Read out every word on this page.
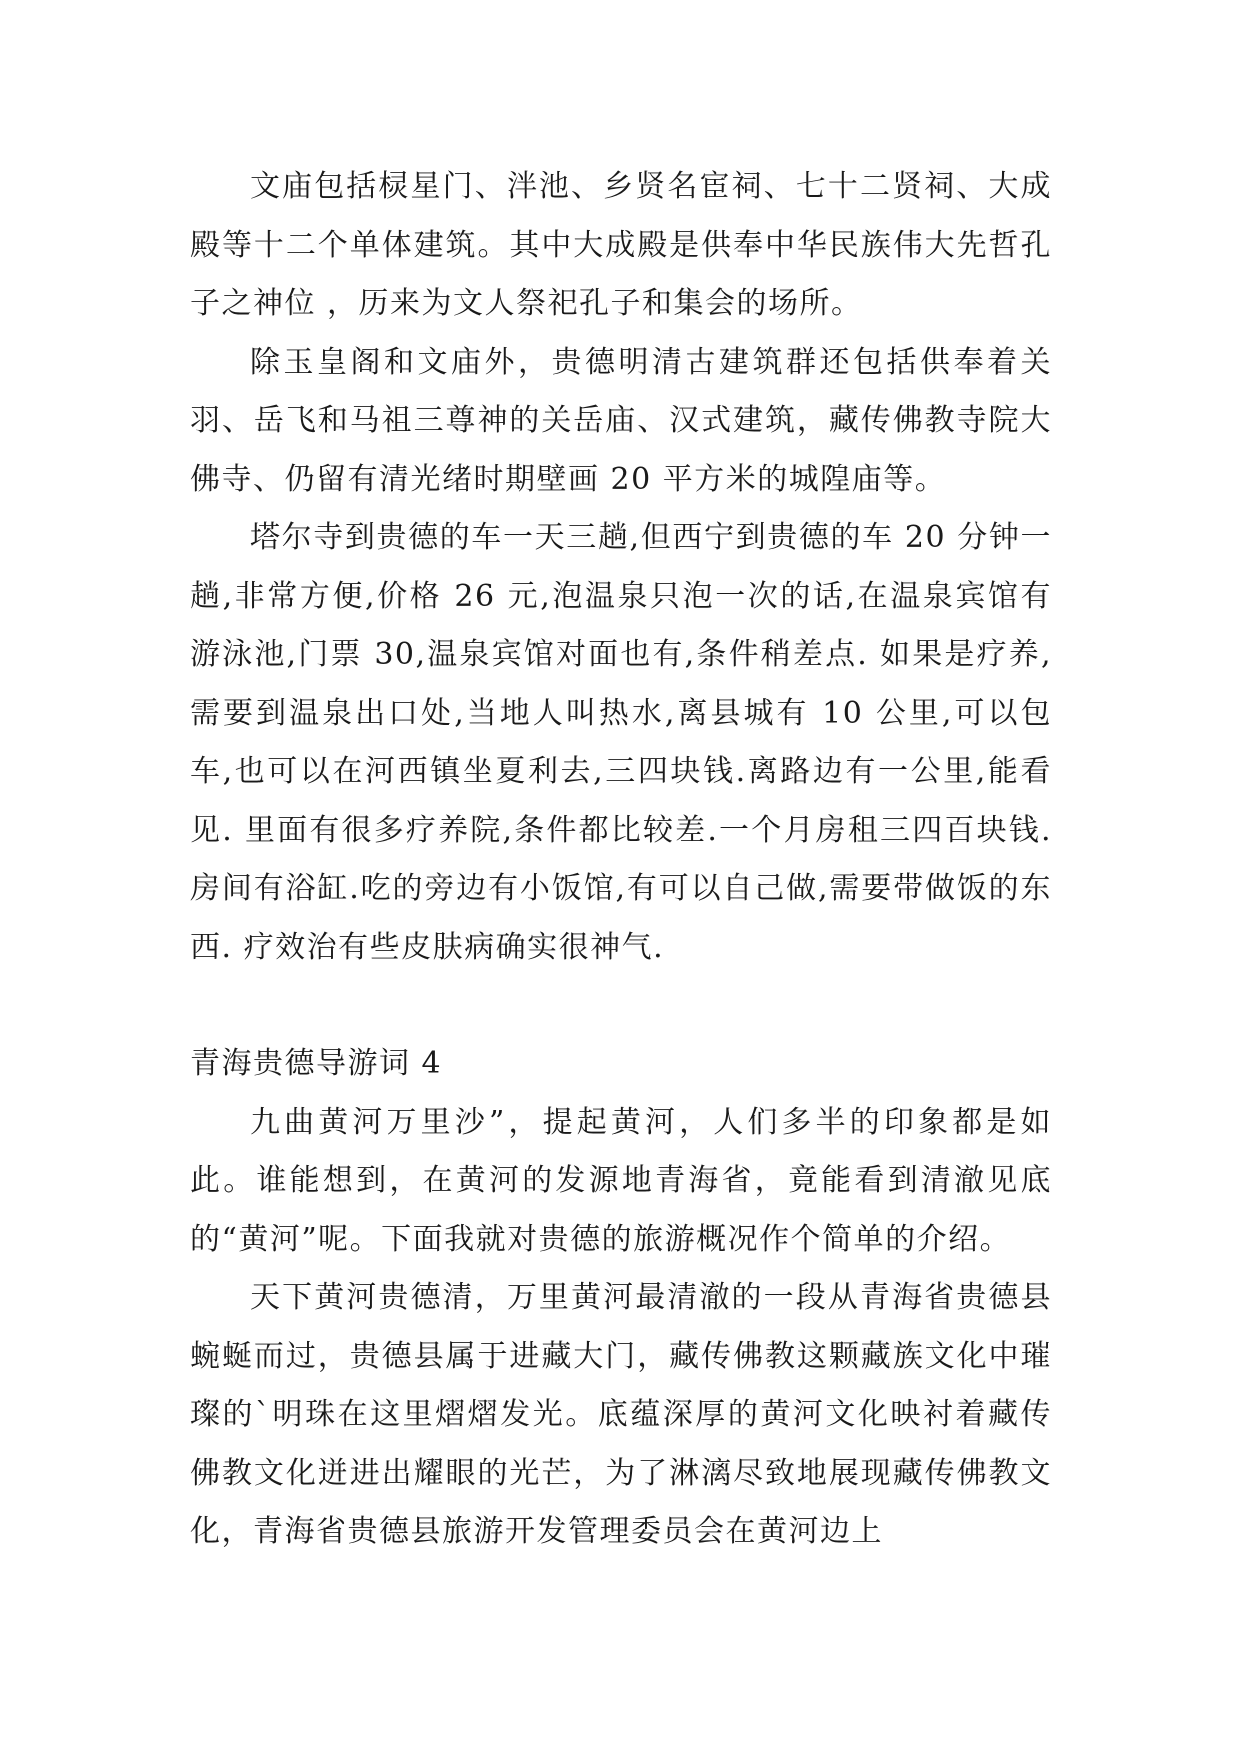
文庙包括棂星门、泮池、乡贤名宦祠、七十二贤祠、大成殿等十二个单体建筑。其中大成殿是供奉中华民族伟大先哲孔子之神位 ，历来为文人祭祀孔子和集会的场所。

除玉皇阁和文庙外，贵德明清古建筑群还包括供奉着关羽、岳飞和马祖三尊神的关岳庙、汉式建筑，藏传佛教寺院大佛寺、仍留有清光绪时期壁画 20 平方米的城隍庙等。

塔尔寺到贵德的车一天三趟,但西宁到贵德的车 20 分钟一趟,非常方便,价格 26 元,泡温泉只泡一次的话,在温泉宾馆有游泳池,门票 30,温泉宾馆对面也有,条件稍差点. 如果是疗养,需要到温泉出口处,当地人叫热水,离县城有 10 公里,可以包车,也可以在河西镇坐夏利去,三四块钱.离路边有一公里,能看见. 里面有很多疗养院,条件都比较差.一个月房租三四百块钱.房间有浴缸.吃的旁边有小饭馆,有可以自己做,需要带做饭的东西. 疗效治有些皮肤病确实很神气.

青海贵德导游词 4

九曲黄河万里沙”，提起黄河，人们多半的印象都是如此。谁能想到，在黄河的发源地青海省，竟能看到清澈见底的“黄河”呢。下面我就对贵德的旅游概况作个简单的介绍。

天下黄河贵德清，万里黄河最清澈的一段从青海省贵德县蜿蜒而过，贵德县属于进藏大门，藏传佛教这颗藏族文化中璀璨的`明珠在这里熠熠发光。底蕴深厚的黄河文化映衬着藏传佛教文化迸进出耀眼的光芒，为了淋漓尽致地展现藏传佛教文化，青海省贵德县旅游开发管理委员会在黄河边上
